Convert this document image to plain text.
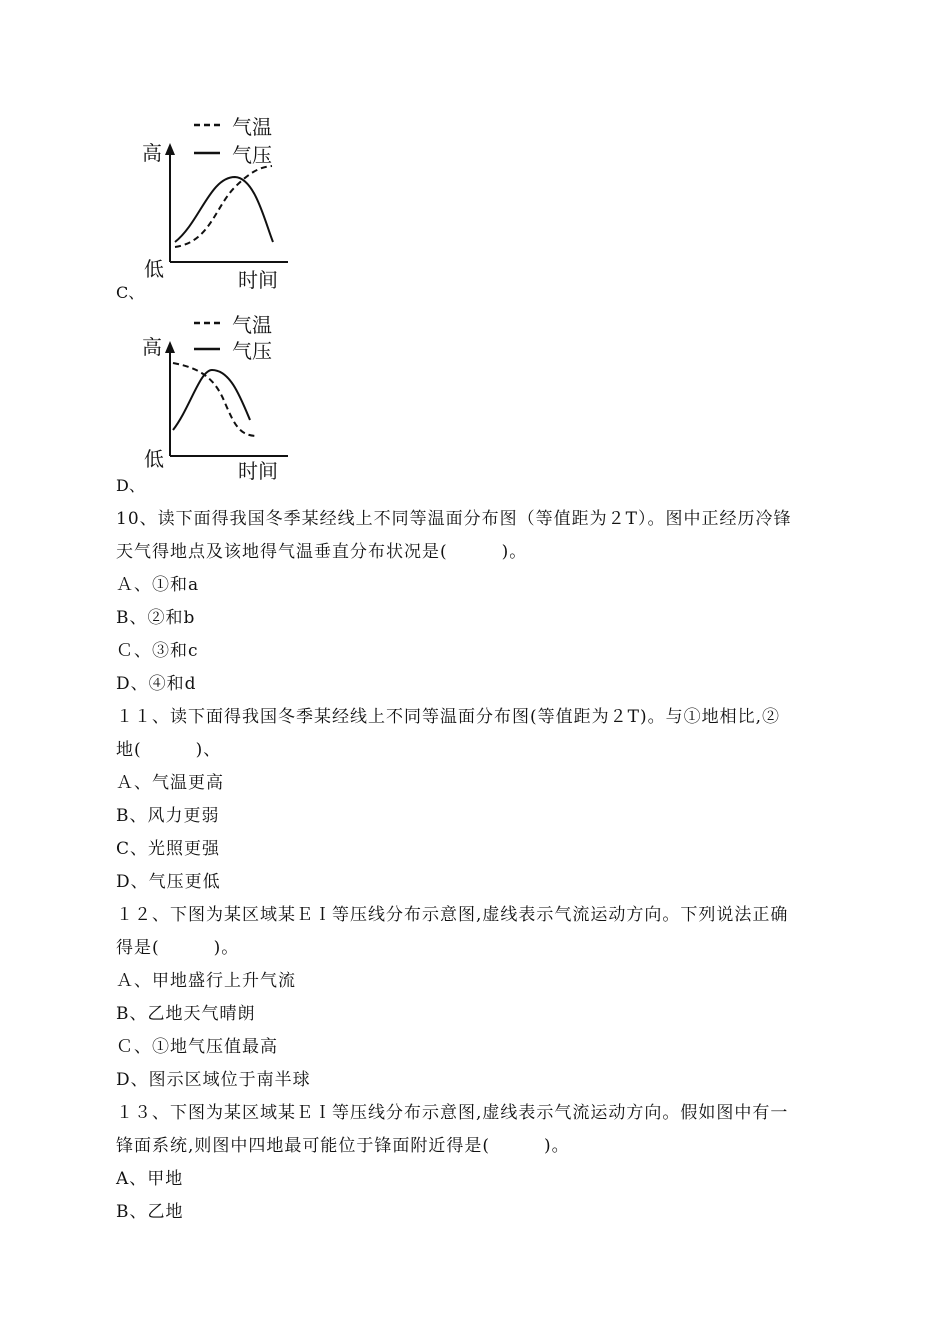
气温
气压
高
低	时间
C、
气温
气压
高
低	时间
D、
10、读下面得我国冬季某经线上不同等温面分布图（等值距为２T）。图中正经历冷锋
天气得地点及该地得气温垂直分布状况是(　　　)。
Ａ、①和a
B、②和b
Ｃ、③和c
D、④和d
１１、读下面得我国冬季某经线上不同等温面分布图(等值距为２T)。与①地相比,②
地(　　　)、
Ａ、气温更高
B、风力更弱
C、光照更强
D、气压更低
１２、下图为某区域某ＥＩ等压线分布示意图,虚线表示气流运动方向。下列说法正确
得是(　　　)。
Ａ、甲地盛行上升气流
B、乙地天气晴朗
Ｃ、①地气压值最高
D、图示区域位于南半球
１３、下图为某区域某ＥＩ等压线分布示意图,虚线表示气流运动方向。假如图中有一
锋面系统,则图中四地最可能位于锋面附近得是(　　　)。
A、甲地
B、乙地
